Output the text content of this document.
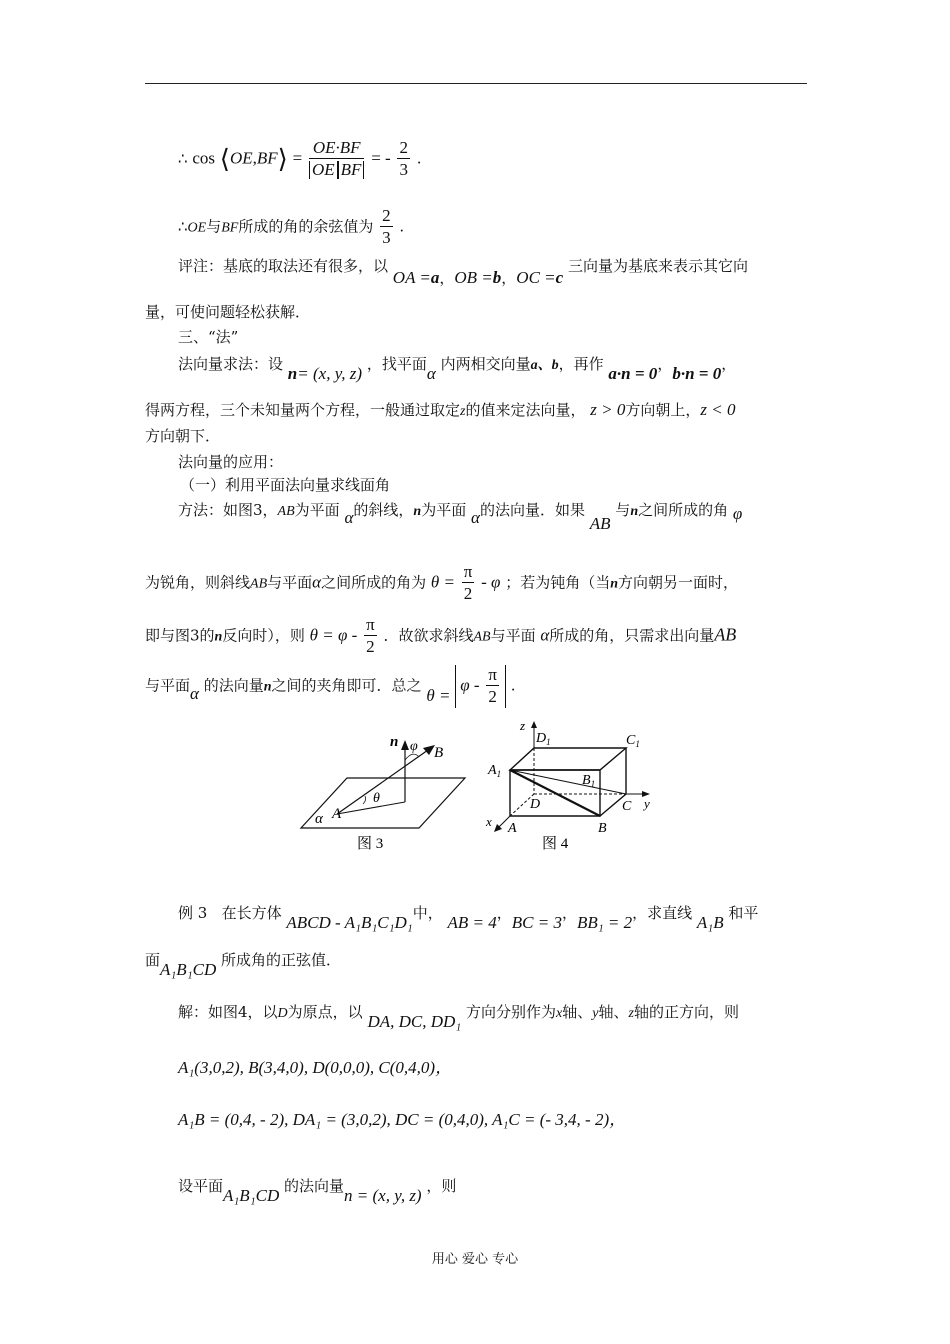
∴ cos ⟨OE,BF⟩ = $\frac{OE\cdot BF}{\text{OE BF}}$ = - $\frac{2}{3}$ .
∴OE与BF所成的角的余弦值为 $\frac{2}{3}$ .
评注：基底的取法还有很多，以 OA =a，OB =b，OC =c 三向量为基底来表示其它向
量，可使问题轻松获解．
三、“法”
法向量求法：设 n= (x, y, z) ，找平面α 内两相交向量a、b，再作 a·n = 0，b·n = 0，
得两方程，三个未知量两个方程，一般通过取定z的值来定法向量， z > 0方向朝上，z < 0
方向朝下．
法向量的应用：
（一）利用平面法向量求线面角
方法：如图3，AB为平面 α的斜线，n为平面 α的法向量．如果 AB 与n之间所成的角 φ
为锐角，则斜线AB与平面α之间所成的角为 $\theta = \frac{\pi}{2} - \varphi$ ；若为钝角（当n方向朝另一面时，
即与图3的n反向时），则 $\theta = \varphi - \frac{\pi}{2}$ ．故欲求斜线AB与平面 α所成的角，只需求出向量AB
与平面α 的法向量n之间的夹角即可．总之 $\theta = \varphi - \frac{\pi}{2}$ .
n φ B
θ
A
α
图 3
z
$D_1$	$C_1$
$A_1$	$B_1$
D	C y
x A	B
图 4
例 3 在长方体 ABCD - A₁B₁C₁D₁中， AB = 4，BC = 3，BB₁ = 2，求直线 A₁B 和平
面A₁B₁CD 所成角的正弦值．
解：如图4，以D为原点，以 DA, DC, DD₁ 方向分别作为x轴、y轴、z轴的正方向，则
A₁(3,0,2), B(3,4,0), D(0,0,0), C(0,4,0)，
A₁B = (0,4, - 2), DA₁ = (3,0,2), DC = (0,4,0), A₁C = (- 3,4, - 2)，
设平面A₁B₁CD 的法向量n = (x, y, z) ，则
用心 爱心 专心
